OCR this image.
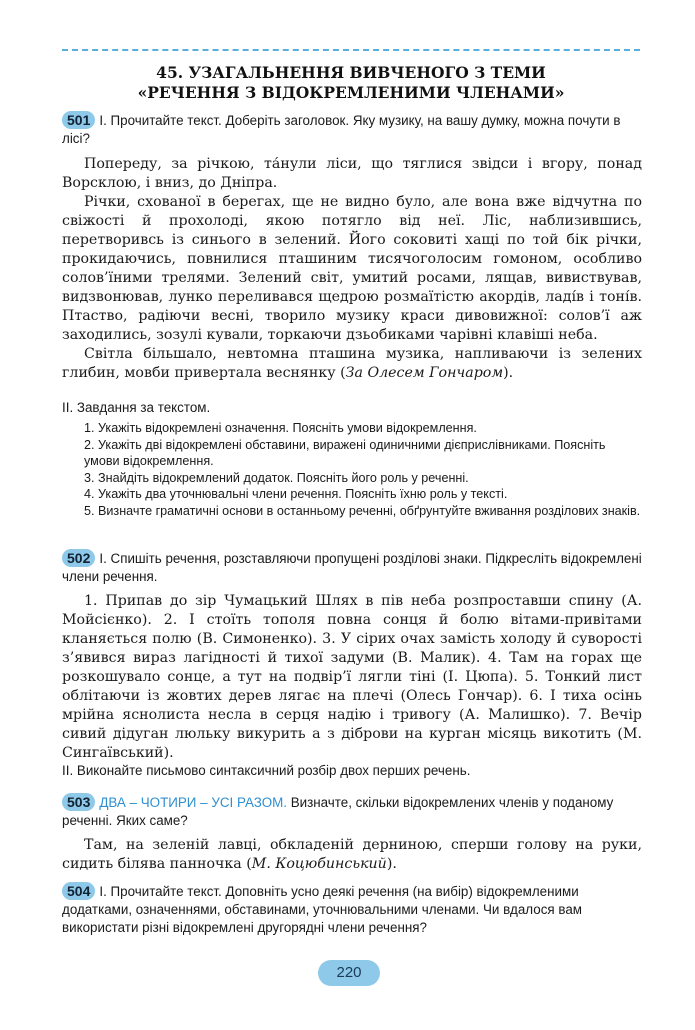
45. УЗАГАЛЬНЕННЯ ВИВЧЕНОГО З ТЕМИ
«РЕЧЕННЯ З ВІДОКРЕМЛЕНИМИ ЧЛЕНАМИ»
501 І. Прочитайте текст. Доберіть заголовок. Яку музику, на вашу думку, можна почути в лісі?

Попереду, за річкою, та́нули ліси, що тяглися звідси і вгору, понад Ворсклою, і вниз, до Дніпра.

Річки, схованої в берегах, ще не видно було, але вона вже відчутна по свіжості й прохолоді, якою потягло від неї. Ліс, наблизившись, перетворивсь із синього в зелений. Його соковиті хащі по той бік річки, прокидаючись, повнилися пташиним тисячоголосим гомоном, особливо солов’їними трелями. Зелений світ, умитий росами, лящав, вивиствував, видзвонював, лунко переливався щедрою розмаїтістю акордів, ладі́в і тоні́в. Птаство, радіючи весні, творило музику краси дивовижної: солов’ї аж заходились, зозулі кували, торкаючи дзьобиками чарівні клавіші неба.

Світла більшало, невтомна пташина музика, напливаючи із зелених глибин, мовби привертала веснянку (За Олесем Гончаром).

ІІ. Завдання за текстом.
1. Укажіть відокремлені означення. Поясніть умови відокремлення.
2. Укажіть дві відокремлені обставини, виражені одиничними дієприслівниками. Поясніть умови відокремлення.
3. Знайдіть відокремлений додаток. Поясніть його роль у реченні.
4. Укажіть два уточнювальні члени речення. Поясніть їхню роль у тексті.
5. Визначте граматичні основи в останньому реченні, обґрунтуйте вживання розділових знаків.
502 І. Спишіть речення, розставляючи пропущені розділові знаки. Підкресліть відокремлені члени речення.

1. Припав до зір Чумацький Шлях в пів неба розпроставши спину (А. Мойсієнко). 2. І стоїть тополя повна сонця й болю вітами-привітами кланяється полю (В. Симоненко). 3. У сірих очах замість холоду й суворості з’явився вираз лагідності й тихої задуми (В. Малик). 4. Там на горах ще розкошувало сонце, а тут на подвір’ї лягли тіні (І. Цюпа). 5. Тонкий лист облітаючи із жовтих дерев лягає на плечі (Олесь Гончар). 6. І тиха осінь мрійна яснолиста несла в серця надію і тривогу (А. Малишко). 7. Вечір сивий дідуган люльку викурить а з діброви на курган місяць викотить (М. Сингаївський).

ІІ. Виконайте письмово синтаксичний розбір двох перших речень.
503 ДВА – ЧОТИРИ – УСІ РАЗОМ. Визначте, скільки відокремлених членів у поданому реченні. Яких саме?

Там, на зеленій лавці, обкладеній дерниною, сперши голову на руки, сидить білява панночка (М. Коцюбинський).

504 І. Прочитайте текст. Доповніть усно деякі речення (на вибір) відокремленими додатками, означеннями, обставинами, уточнювальними членами. Чи вдалося вам використати різні відокремлені другорядні члени речення?
220
